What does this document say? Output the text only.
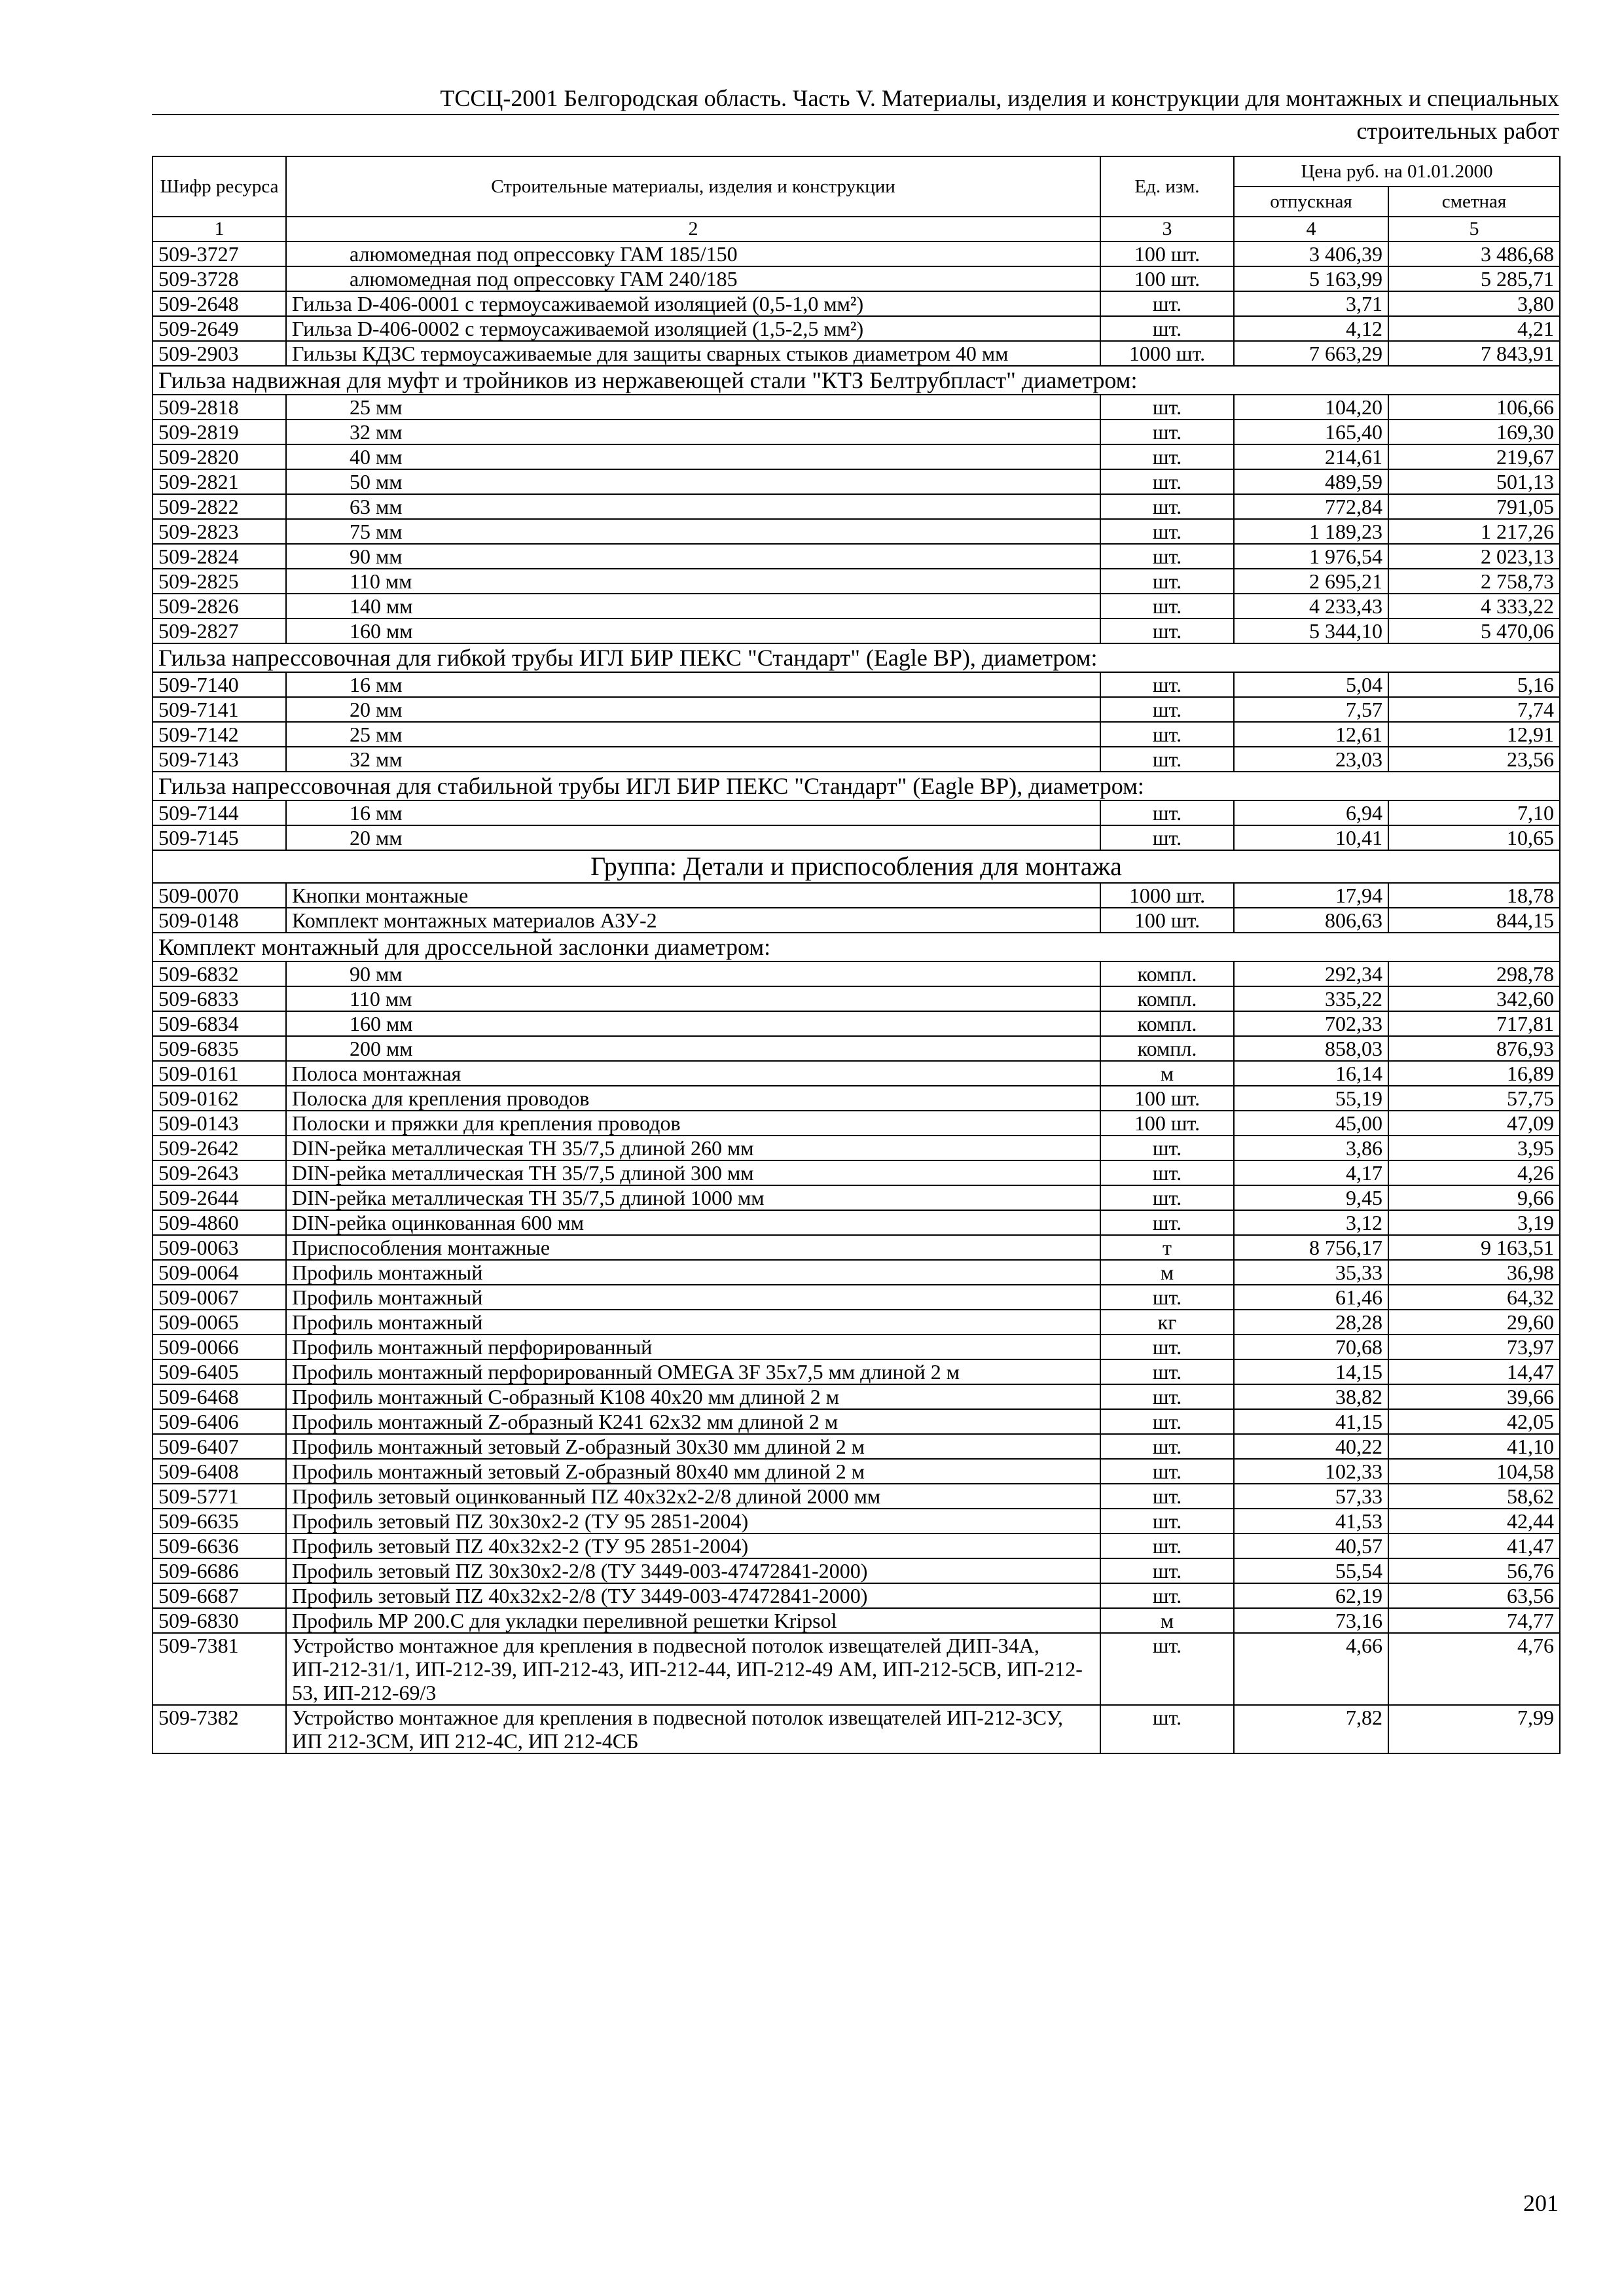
ТССЦ-2001 Белгородская область. Часть V. Материалы, изделия и конструкции для монтажных и специальных
строительных работ
Шифр ресурса	Строительные материалы, изделия и конструкции	Ед. изм.	Цена руб. на 01.01.2000	
			отпускная	сметная
1	2	3	4	5
509-3727	алюмомедная под опрессовку ГАМ 185/150	100 шт.	3 406,39	3 486,68
509-3728	алюмомедная под опрессовку ГАМ 240/185	100 шт.	5 163,99	5 285,71
509-2648	Гильза D-406-0001 с термоусаживаемой изоляцией (0,5-1,0 мм²)	шт.	3,71	3,80
509-2649	Гильза D-406-0002 с термоусаживаемой изоляцией (1,5-2,5 мм²)	шт.	4,12	4,21
509-2903	Гильзы КДЗС термоусаживаемые для защиты сварных стыков диаметром 40 мм	1000 шт.	7 663,29	7 843,91
Гильза надвижная для муфт и тройников из нержавеющей стали "КТЗ Белтрубпласт" диаметром:				
509-2818	25 мм	шт.	104,20	106,66
509-2819	32 мм	шт.	165,40	169,30
509-2820	40 мм	шт.	214,61	219,67
509-2821	50 мм	шт.	489,59	501,13
509-2822	63 мм	шт.	772,84	791,05
509-2823	75 мм	шт.	1 189,23	1 217,26
509-2824	90 мм	шт.	1 976,54	2 023,13
509-2825	110 мм	шт.	2 695,21	2 758,73
509-2826	140 мм	шт.	4 233,43	4 333,22
509-2827	160 мм	шт.	5 344,10	5 470,06
Гильза напрессовочная для гибкой трубы ИГЛ БИР ПЕКС "Стандарт" (Eagle BP), диаметром:				
509-7140	16 мм	шт.	5,04	5,16
509-7141	20 мм	шт.	7,57	7,74
509-7142	25 мм	шт.	12,61	12,91
509-7143	32 мм	шт.	23,03	23,56
Гильза напрессовочная для стабильной трубы ИГЛ БИР ПЕКС "Стандарт" (Eagle BP), диаметром:				
509-7144	16 мм	шт.	6,94	7,10
509-7145	20 мм	шт.	10,41	10,65
Группа: Детали и приспособления для монтажа				
509-0070	Кнопки монтажные	1000 шт.	17,94	18,78
509-0148	Комплект монтажных материалов АЗУ-2	100 шт.	806,63	844,15
Комплект монтажный для дроссельной заслонки диаметром:				
509-6832	90 мм	компл.	292,34	298,78
509-6833	110 мм	компл.	335,22	342,60
509-6834	160 мм	компл.	702,33	717,81
509-6835	200 мм	компл.	858,03	876,93
509-0161	Полоса монтажная	м	16,14	16,89
509-0162	Полоска для крепления проводов	100 шт.	55,19	57,75
509-0143	Полоски и пряжки для крепления проводов	100 шт.	45,00	47,09
509-2642	DIN-рейка металлическая ТН 35/7,5 длиной 260 мм	шт.	3,86	3,95
509-2643	DIN-рейка металлическая ТН 35/7,5 длиной 300 мм	шт.	4,17	4,26
509-2644	DIN-рейка металлическая ТН 35/7,5 длиной 1000 мм	шт.	9,45	9,66
509-4860	DIN-рейка оцинкованная 600 мм	шт.	3,12	3,19
509-0063	Приспособления монтажные	т	8 756,17	9 163,51
509-0064	Профиль монтажный	м	35,33	36,98
509-0067	Профиль монтажный	шт.	61,46	64,32
509-0065	Профиль монтажный	кг	28,28	29,60
509-0066	Профиль монтажный перфорированный	шт.	70,68	73,97
509-6405	Профиль монтажный перфорированный OMEGA 3F 35x7,5 мм длиной 2 м	шт.	14,15	14,47
509-6468	Профиль монтажный С-образный К108 40х20 мм длиной 2 м	шт.	38,82	39,66
509-6406	Профиль монтажный Z-образный К241 62х32 мм длиной 2 м	шт.	41,15	42,05
509-6407	Профиль монтажный зетовый Z-образный 30х30 мм длиной 2 м	шт.	40,22	41,10
509-6408	Профиль монтажный зетовый Z-образный 80х40 мм длиной 2 м	шт.	102,33	104,58
509-5771	Профиль зетовый оцинкованный ПZ 40х32х2-2/8 длиной 2000 мм	шт.	57,33	58,62
509-6635	Профиль зетовый ПZ 30х30х2-2 (ТУ 95 2851-2004)	шт.	41,53	42,44
509-6636	Профиль зетовый ПZ 40х32х2-2 (ТУ 95 2851-2004)	шт.	40,57	41,47
509-6686	Профиль зетовый ПZ 30х30х2-2/8 (ТУ 3449-003-47472841-2000)	шт.	55,54	56,76
509-6687	Профиль зетовый ПZ 40х32х2-2/8 (ТУ 3449-003-47472841-2000)	шт.	62,19	63,56
509-6830	Профиль МР 200.С для укладки переливной решетки Kripsol	м	73,16	74,77
509-7381	Устройство монтажное для крепления в подвесной потолок извещателей ДИП-34А, ИП-212-31/1, ИП-212-39, ИП-212-43, ИП-212-44, ИП-212-49 АМ, ИП-212-5СВ, ИП-212-53, ИП-212-69/3	шт.	4,66	4,76
509-7382	Устройство монтажное для крепления в подвесной потолок извещателей ИП-212-3СУ, ИП 212-3СМ, ИП 212-4С, ИП 212-4СБ	шт.	7,82	7,99
201
